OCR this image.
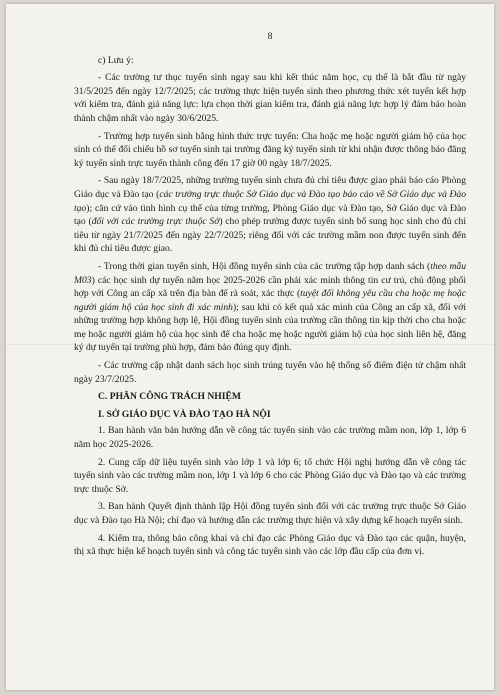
8

c) Lưu ý:

- Các trường tư thục tuyển sinh ngay sau khi kết thúc năm học, cụ thể là bắt đầu từ ngày 31/5/2025 đến ngày 12/7/2025; các trường thực hiện tuyển sinh theo phương thức xét tuyển kết hợp với kiểm tra, đánh giá năng lực: lựa chọn thời gian kiểm tra, đánh giá năng lực hợp lý đảm bảo hoàn thành chậm nhất vào ngày 30/6/2025.

- Trường hợp tuyển sinh bằng hình thức trực tuyến: Cha hoặc mẹ hoặc người giám hộ của học sinh có thể đối chiếu hồ sơ tuyển sinh tại trường đăng ký tuyển sinh từ khi nhận được thông báo đăng ký tuyển sinh trực tuyến thành công đến 17 giờ 00 ngày 18/7/2025.

- Sau ngày 18/7/2025, những trường tuyển sinh chưa đủ chỉ tiêu được giao phải báo cáo Phòng Giáo dục và Đào tạo (các trường trực thuộc Sở Giáo dục và Đào tạo báo cáo về Sở Giáo dục và Đào tạo); căn cứ vào tình hình cụ thể của từng trường, Phòng Giáo dục và Đào tạo, Sở Giáo dục và Đào tạo (đối với các trường trực thuộc Sở) cho phép trường được tuyển sinh bổ sung học sinh cho đủ chỉ tiêu từ ngày 21/7/2025 đến ngày 22/7/2025; riêng đối với các trường mầm non được tuyển sinh đến khi đủ chỉ tiêu được giao.

- Trong thời gian tuyển sinh, Hội đồng tuyển sinh của các trường tập hợp danh sách (theo mẫu M03) các học sinh dự tuyển năm học 2025-2026 cần phải xác minh thông tin cư trú, chủ động phối hợp với Công an cấp xã trên địa bàn để rà soát, xác thực (tuyệt đối không yêu cầu cha hoặc mẹ hoặc người giám hộ của học sinh đi xác minh); sau khi có kết quả xác minh của Công an cấp xã, đối với những trường hợp không hợp lệ, Hội đồng tuyển sinh của trường cần thông tin kịp thời cho cha hoặc mẹ hoặc người giám hộ của học sinh để cha hoặc mẹ hoặc người giám hộ của học sinh liên hệ, đăng ký dự tuyển tại trường phù hợp, đảm bảo đúng quy định.

- Các trường cập nhật danh sách học sinh trúng tuyển vào hệ thống số điểm điện tử chậm nhất ngày 23/7/2025.

C. PHÂN CÔNG TRÁCH NHIỆM

I. SỞ GIÁO DỤC VÀ ĐÀO TẠO HÀ NỘI

1. Ban hành văn bản hướng dẫn về công tác tuyển sinh vào các trường mầm non, lớp 1, lớp 6 năm học 2025-2026.

2. Cung cấp dữ liệu tuyển sinh vào lớp 1 và lớp 6; tổ chức Hội nghị hướng dẫn về công tác tuyển sinh vào các trường mầm non, lớp 1 và lớp 6 cho các Phòng Giáo dục và Đào tạo và các trường trực thuộc Sở.

3. Ban hành Quyết định thành lập Hội đồng tuyển sinh đối với các trường trực thuộc Sở Giáo dục và Đào tạo Hà Nội; chỉ đạo và hướng dẫn các trường thực hiện và xây dựng kế hoạch tuyển sinh.

4. Kiểm tra, thông báo công khai và chỉ đạo các Phòng Giáo dục và Đào tạo các quận, huyện, thị xã thực hiện kế hoạch tuyển sinh và công tác tuyển sinh vào các lớp đầu cấp của đơn vị.
